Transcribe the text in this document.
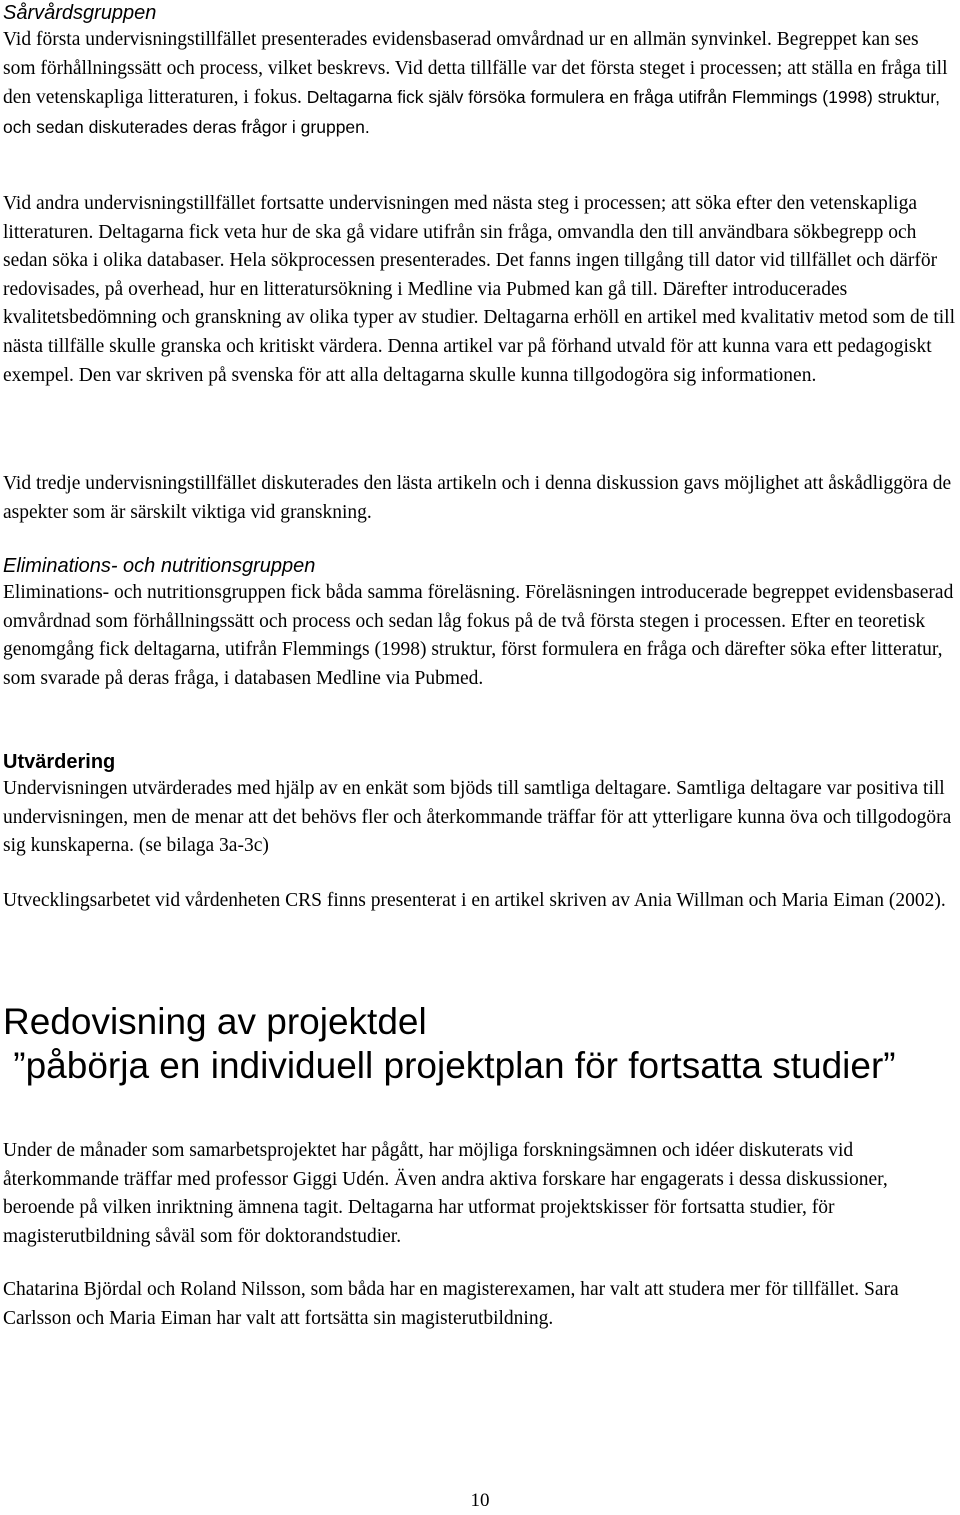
Sårvårdsgruppen

Vid första undervisningstillfället presenterades evidensbaserad omvårdnad ur en allmän synvinkel. Begreppet kan ses som förhållningssätt och process, vilket beskrevs. Vid detta tillfälle var det första steget i processen; att ställa en fråga till den vetenskapliga litteraturen, i fokus. Deltagarna fick själv försöka formulera en fråga utifrån Flemmings (1998) struktur, och sedan diskuterades deras frågor i gruppen.

Vid andra undervisningstillfället fortsatte undervisningen med nästa steg i processen; att söka efter den vetenskapliga litteraturen. Deltagarna fick veta hur de ska gå vidare utifrån sin fråga, omvandla den till användbara sökbegrepp och sedan söka i olika databaser. Hela sökprocessen presenterades. Det fanns ingen tillgång till dator vid tillfället och därför redovisades, på overhead, hur en litteratursökning i Medline via Pubmed kan gå till. Därefter introducerades kvalitetsbedömning och granskning av olika typer av studier. Deltagarna erhöll en artikel med kvalitativ metod som de till nästa tillfälle skulle granska och kritiskt värdera. Denna artikel var på förhand utvald för att kunna vara ett pedagogiskt exempel. Den var skriven på svenska för att alla deltagarna skulle kunna tillgodogöra sig informationen.

Vid tredje undervisningstillfället diskuterades den lästa artikeln och i denna diskussion gavs möjlighet att åskådliggöra de aspekter som är särskilt viktiga vid granskning.

Eliminations- och nutritionsgruppen

Eliminations- och nutritionsgruppen fick båda samma föreläsning. Föreläsningen introducerade begreppet evidensbaserad omvårdnad som förhållningssätt och process och sedan låg fokus på de två första stegen i processen. Efter en teoretisk genomgång fick deltagarna, utifrån Flemmings (1998) struktur, först formulera en fråga och därefter söka efter litteratur, som svarade på deras fråga, i databasen Medline via Pubmed.

Utvärdering

Undervisningen utvärderades med hjälp av en enkät som bjöds till samtliga deltagare. Samtliga deltagare var positiva till undervisningen, men de menar att det behövs fler och återkommande träffar för att ytterligare kunna öva och tillgodogöra sig kunskaperna. (se bilaga 3a-3c)

Utvecklingsarbetet vid vårdenheten CRS finns presenterat i en artikel skriven av Ania Willman och Maria Eiman (2002).

Redovisning av projektdel
”påbörja en individuell projektplan för fortsatta studier”

Under de månader som samarbetsprojektet har pågått, har möjliga forskningsämnen och idéer diskuterats vid återkommande träffar med professor Giggi Udén. Även andra aktiva forskare har engagerats i dessa diskussioner, beroende på vilken inriktning ämnena tagit. Deltagarna har utformat projektskisser för fortsatta studier, för magisterutbildning såväl som för doktorandstudier.

Chatarina Björdal och Roland Nilsson, som båda har en magisterexamen, har valt att studera mer för tillfället. Sara Carlsson och Maria Eiman har valt att fortsätta sin magisterutbildning.

10
